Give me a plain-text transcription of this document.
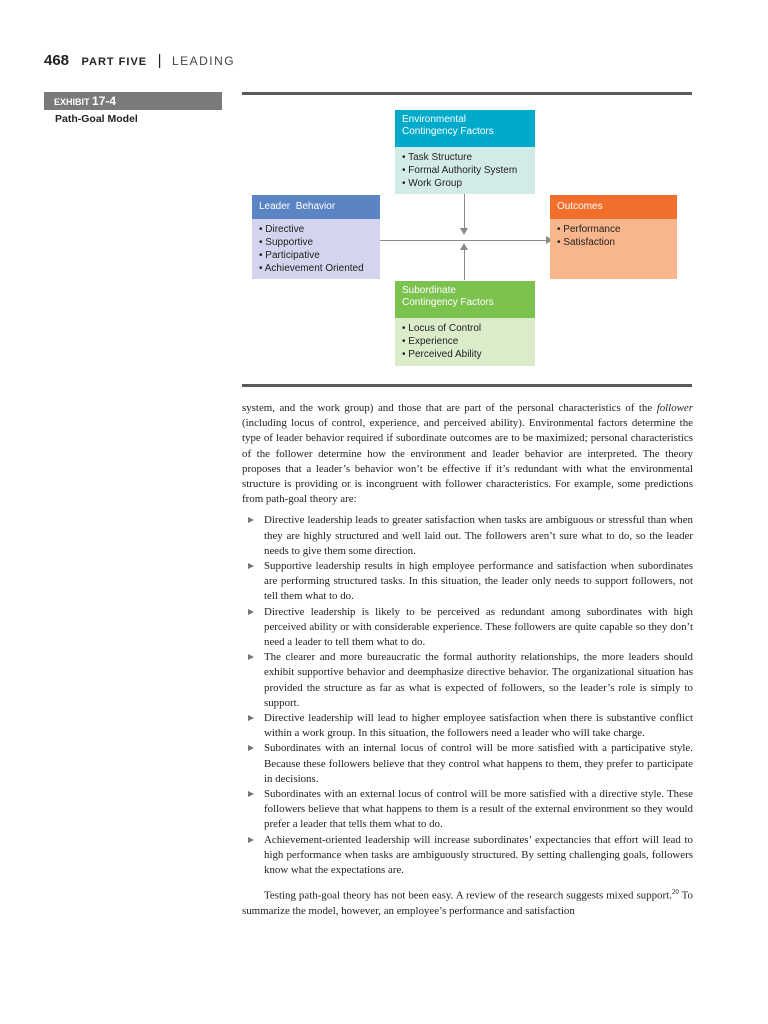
468 PART FIVE | LEADING
EXHIBIT 17-4
Path-Goal Model	Environmental
Contingency Factors
• Task Structure
• Formal Authority System
• Work Group
Leader  Behavior
• Directive
• Supportive
• Participative
• Achievement Oriented
Outcomes
• Performance
• Satisfaction
Subordinate
Contingency Factors
• Locus of Control
• Experience
• Perceived Ability

system, and the work group) and those that are part of the personal characteristics of the follower (including locus of control, experience, and perceived ability). Environmental factors determine the type of leader behavior required if subordinate outcomes are to be maximized; personal characteristics of the follower determine how the environment and leader behavior are interpreted. The theory proposes that a leader’s behavior won’t be effective if it’s redundant with what the environmental structure is providing or is incongruent with follower characteristics. For example, some predictions from path-goal theory are:

Directive leadership leads to greater satisfaction when tasks are ambiguous or stressful than when they are highly structured and well laid out. The followers aren’t sure what to do, so the leader needs to give them some direction.
Supportive leadership results in high employee performance and satisfaction when subordinates are performing structured tasks. In this situation, the leader only needs to support followers, not tell them what to do.
Directive leadership is likely to be perceived as redundant among subordinates with high perceived ability or with considerable experience. These followers are quite capable so they don’t need a leader to tell them what to do.
The clearer and more bureaucratic the formal authority relationships, the more leaders should exhibit supportive behavior and deemphasize directive behavior. The organizational situation has provided the structure as far as what is expected of followers, so the leader’s role is simply to support.
Directive leadership will lead to higher employee satisfaction when there is substantive conflict within a work group. In this situation, the followers need a leader who will take charge.
Subordinates with an internal locus of control will be more satisfied with a participative style. Because these followers believe that they control what happens to them, they prefer to participate in decisions.
Subordinates with an external locus of control will be more satisfied with a directive style. These followers believe that what happens to them is a result of the external environment so they would prefer a leader that tells them what to do.
Achievement-oriented leadership will increase subordinates’ expectancies that effort will lead to high performance when tasks are ambiguously structured. By setting challenging goals, followers know what the expectations are.

Testing path-goal theory has not been easy. A review of the research suggests mixed support.$^{20}$ To summarize the model, however, an employee’s performance and satisfaction
